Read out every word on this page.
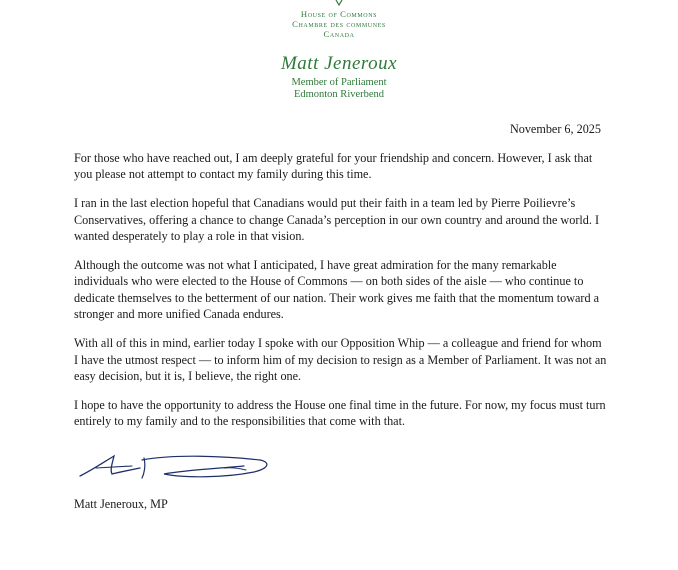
House of Commons
Chambre des communes
Canada
Matt Jeneroux
Member of Parliament
Edmonton Riverbend
November 6, 2025

For those who have reached out, I am deeply grateful for your friendship and concern. However, I ask that you please not attempt to contact my family during this time.

I ran in the last election hopeful that Canadians would put their faith in a team led by Pierre Poilievre’s Conservatives, offering a chance to change Canada’s perception in our own country and around the world. I wanted desperately to play a role in that vision.

Although the outcome was not what I anticipated, I have great admiration for the many remarkable individuals who were elected to the House of Commons — on both sides of the aisle — who continue to dedicate themselves to the betterment of our nation. Their work gives me faith that the momentum toward a stronger and more unified Canada endures.

With all of this in mind, earlier today I spoke with our Opposition Whip — a colleague and friend for whom I have the utmost respect — to inform him of my decision to resign as a Member of Parliament. It was not an easy decision, but it is, I believe, the right one.

I hope to have the opportunity to address the House one final time in the future. For now, my focus must turn entirely to my family and to the responsibilities that come with that.

Matt Jeneroux, MP
